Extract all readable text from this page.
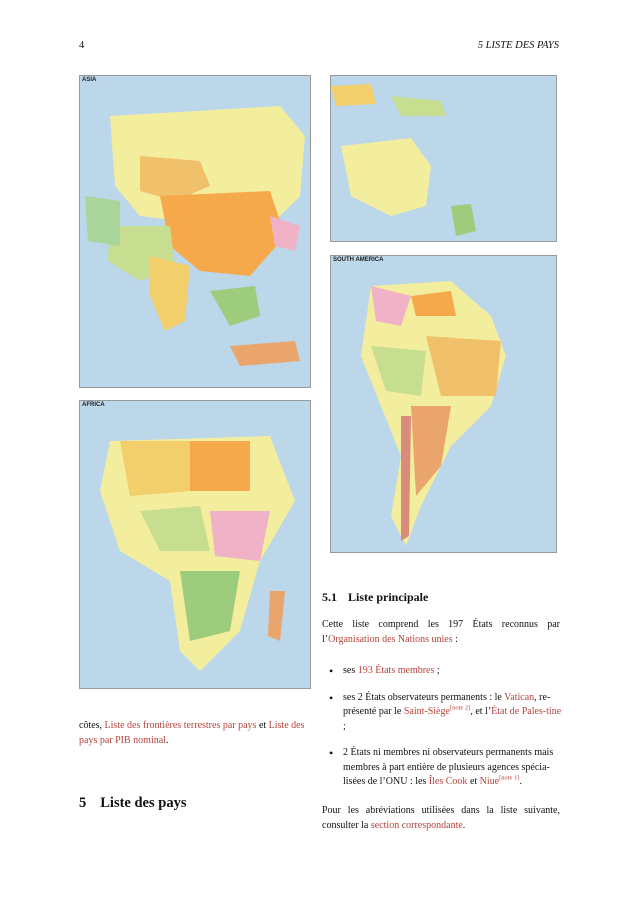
4	5 LISTE DES PAYS
ASIA
SOUTH AMERICA
AFRICA
côtes, Liste des frontières terrestres par pays et Liste des pays par PIB nominal.
5 Liste des pays
5.1 Liste principale
Cette liste comprend les 197 États reconnus par l’Organisation des Nations unies :
• ses 193 États membres ;
• ses 2 États observateurs permanents : le Vatican, re-présenté par le Saint-Siège[note 2], et l’État de Pales-tine ;
• 2 États ni membres ni observateurs permanents mais membres à part entière de plusieurs agences spécia-lisées de l’ONU : les Îles Cook et Niue[note 1].
Pour les abréviations utilisées dans la liste suivante, consulter la section correspondante.
